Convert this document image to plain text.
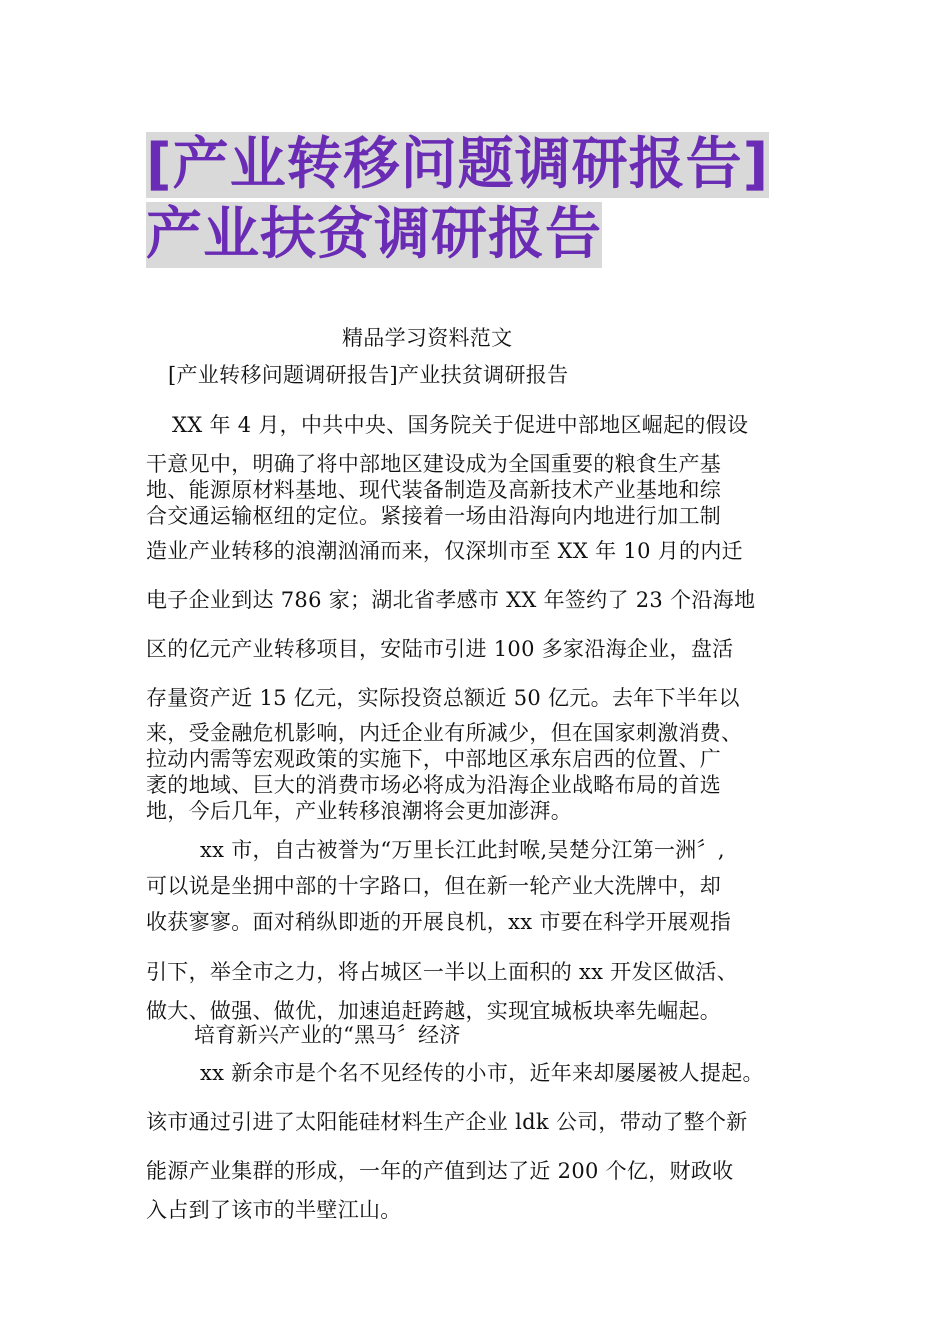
[产业转移问题调研报告]
产业扶贫调研报告
精品学习资料范文
[产业转移问题调研报告]产业扶贫调研报告
XX 年 4 月，中共中央、国务院关于促进中部地区崛起的假设
干意见中，明确了将中部地区建设成为全国重要的粮食生产基
地、能源原材料基地、现代装备制造及高新技术产业基地和综
合交通运输枢纽的定位。紧接着一场由沿海向内地进行加工制
造业产业转移的浪潮汹涌而来，仅深圳市至 XX 年 10 月的内迁
电子企业到达 786 家；湖北省孝感市 XX 年签约了 23 个沿海地
区的亿元产业转移项目，安陆市引进 100 多家沿海企业，盘活
存量资产近 15 亿元，实际投资总额近 50 亿元。去年下半年以
来，受金融危机影响，内迁企业有所减少，但在国家刺激消费、
拉动内需等宏观政策的实施下，中部地区承东启西的位置、广
袤的地域、巨大的消费市场必将成为沿海企业战略布局的首选
地，今后几年，产业转移浪潮将会更加澎湃。
xx 市，自古被誉为“万里长江此封喉,吴楚分江第一洲〞,
可以说是坐拥中部的十字路口，但在新一轮产业大洗牌中，却
收获寥寥。面对稍纵即逝的开展良机，xx 市要在科学开展观指
引下，举全市之力，将占城区一半以上面积的 xx 开发区做活、
做大、做强、做优，加速追赶跨越，实现宜城板块率先崛起。
培育新兴产业的“黑马〞经济
xx 新余市是个名不见经传的小市，近年来却屡屡被人提起。
该市通过引进了太阳能硅材料生产企业 ldk 公司，带动了整个新
能源产业集群的形成，一年的产值到达了近 200 个亿，财政收
入占到了该市的半壁江山。
